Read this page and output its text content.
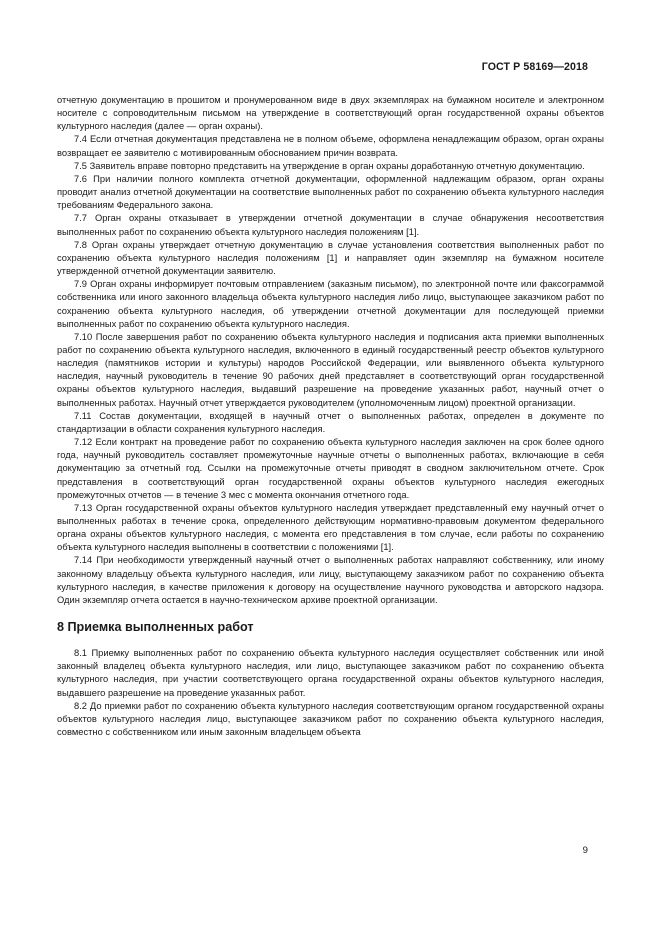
ГОСТ Р 58169—2018

отчетную документацию в прошитом и пронумерованном виде в двух экземплярах на бумажном носителе и электронном носителе с сопроводительным письмом на утверждение в соответствующий орган государственной охраны объектов культурного наследия (далее — орган охраны).

7.4 Если отчетная документация представлена не в полном объеме, оформлена ненадлежащим образом, орган охраны возвращает ее заявителю с мотивированным обоснованием причин возврата.

7.5 Заявитель вправе повторно представить на утверждение в орган охраны доработанную отчетную документацию.

7.6 При наличии полного комплекта отчетной документации, оформленной надлежащим образом, орган охраны проводит анализ отчетной документации на соответствие выполненных работ по сохранению объекта культурного наследия требованиям Федерального закона.

7.7 Орган охраны отказывает в утверждении отчетной документации в случае обнаружения несоответствия выполненных работ по сохранению объекта культурного наследия положениям [1].

7.8 Орган охраны утверждает отчетную документацию в случае установления соответствия выполненных работ по сохранению объекта культурного наследия положениям [1] и направляет один экземпляр на бумажном носителе утвержденной отчетной документации заявителю.

7.9 Орган охраны информирует почтовым отправлением (заказным письмом), по электронной почте или факсограммой собственника или иного законного владельца объекта культурного наследия либо лицо, выступающее заказчиком работ по сохранению объекта культурного наследия, об утверждении отчетной документации для последующей приемки выполненных работ по сохранению объекта культурного наследия.

7.10 После завершения работ по сохранению объекта культурного наследия и подписания акта приемки выполненных работ по сохранению объекта культурного наследия, включенного в единый государственный реестр объектов культурного наследия (памятников истории и культуры) народов Российской Федерации, или выявленного объекта культурного наследия, научный руководитель в течение 90 рабочих дней представляет в соответствующий орган государственной охраны объектов культурного наследия, выдавший разрешение на проведение указанных работ, научный отчет о выполненных работах. Научный отчет утверждается руководителем (уполномоченным лицом) проектной организации.

7.11 Состав документации, входящей в научный отчет о выполненных работах, определен в документе по стандартизации в области сохранения культурного наследия.

7.12 Если контракт на проведение работ по сохранению объекта культурного наследия заключен на срок более одного года, научный руководитель составляет промежуточные научные отчеты о выполненных работах, включающие в себя документацию за отчетный год. Ссылки на промежуточные отчеты приводят в сводном заключительном отчете. Срок представления в соответствующий орган государственной охраны объектов культурного наследия ежегодных промежуточных отчетов — в течение 3 мес с момента окончания отчетного года.

7.13 Орган государственной охраны объектов культурного наследия утверждает представленный ему научный отчет о выполненных работах в течение срока, определенного действующим нормативно-правовым документом федерального органа охраны объектов культурного наследия, с момента его представления в том случае, если работы по сохранению объекта культурного наследия выполнены в соответствии с положениями [1].

7.14 При необходимости утвержденный научный отчет о выполненных работах направляют собственнику, или иному законному владельцу объекта культурного наследия, или лицу, выступающему заказчиком работ по сохранению объекта культурного наследия, в качестве приложения к договору на осуществление научного руководства и авторского надзора. Один экземпляр отчета остается в научно-техническом архиве проектной организации.

8 Приемка выполненных работ

8.1 Приемку выполненных работ по сохранению объекта культурного наследия осуществляет собственник или иной законный владелец объекта культурного наследия, или лицо, выступающее заказчиком работ по сохранению объекта культурного наследия, при участии соответствующего органа государственной охраны объектов культурного наследия, выдавшего разрешение на проведение указанных работ.

8.2 До приемки работ по сохранению объекта культурного наследия соответствующим органом государственной охраны объектов культурного наследия лицо, выступающее заказчиком работ по сохранению объекта культурного наследия, совместно с собственником или иным законным владельцем объекта

9
